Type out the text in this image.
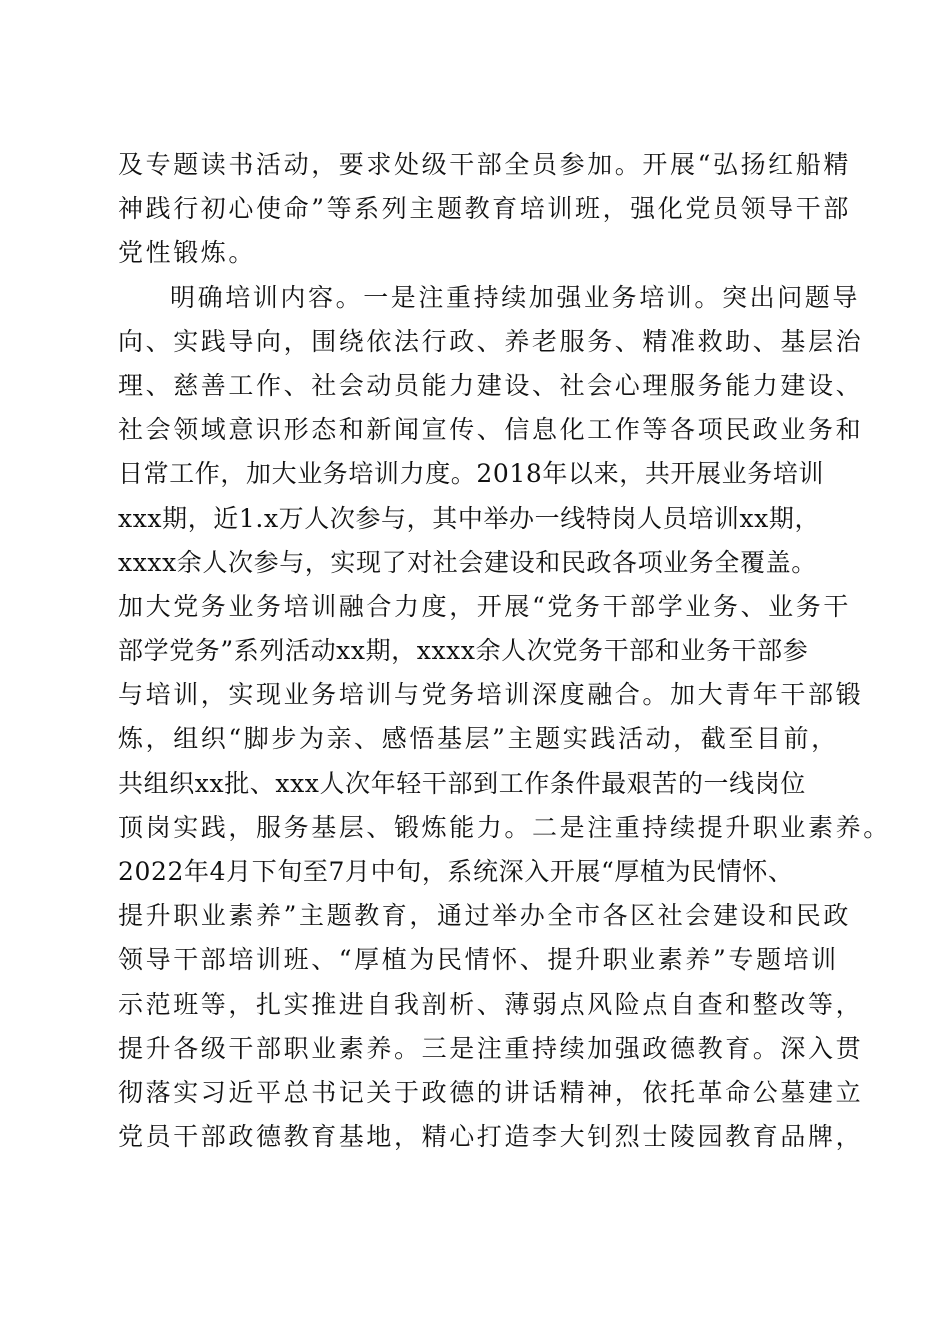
及专题读书活动，要求处级干部全员参加。开展“弘扬红船精
神践行初心使命”等系列主题教育培训班，强化党员领导干部
党性锻炼。
明确培训内容。一是注重持续加强业务培训。突出问题导
向、实践导向，围绕依法行政、养老服务、精准救助、基层治
理、慈善工作、社会动员能力建设、社会心理服务能力建设、
社会领域意识形态和新闻宣传、信息化工作等各项民政业务和
日常工作，加大业务培训力度。2018年以来，共开展业务培训
xxx期，近1.x万人次参与，其中举办一线特岗人员培训xx期，
xxxx余人次参与，实现了对社会建设和民政各项业务全覆盖。
加大党务业务培训融合力度，开展“党务干部学业务、业务干
部学党务”系列活动xx期，xxxx余人次党务干部和业务干部参
与培训，实现业务培训与党务培训深度融合。加大青年干部锻
炼，组织“脚步为亲、感悟基层”主题实践活动，截至目前，
共组织xx批、xxx人次年轻干部到工作条件最艰苦的一线岗位
顶岗实践，服务基层、锻炼能力。二是注重持续提升职业素养。
2022年4月下旬至7月中旬，系统深入开展“厚植为民情怀、
提升职业素养”主题教育，通过举办全市各区社会建设和民政
领导干部培训班、“厚植为民情怀、提升职业素养”专题培训
示范班等，扎实推进自我剖析、薄弱点风险点自查和整改等，
提升各级干部职业素养。三是注重持续加强政德教育。深入贯
彻落实习近平总书记关于政德的讲话精神，依托革命公墓建立
党员干部政德教育基地，精心打造李大钊烈士陵园教育品牌，
